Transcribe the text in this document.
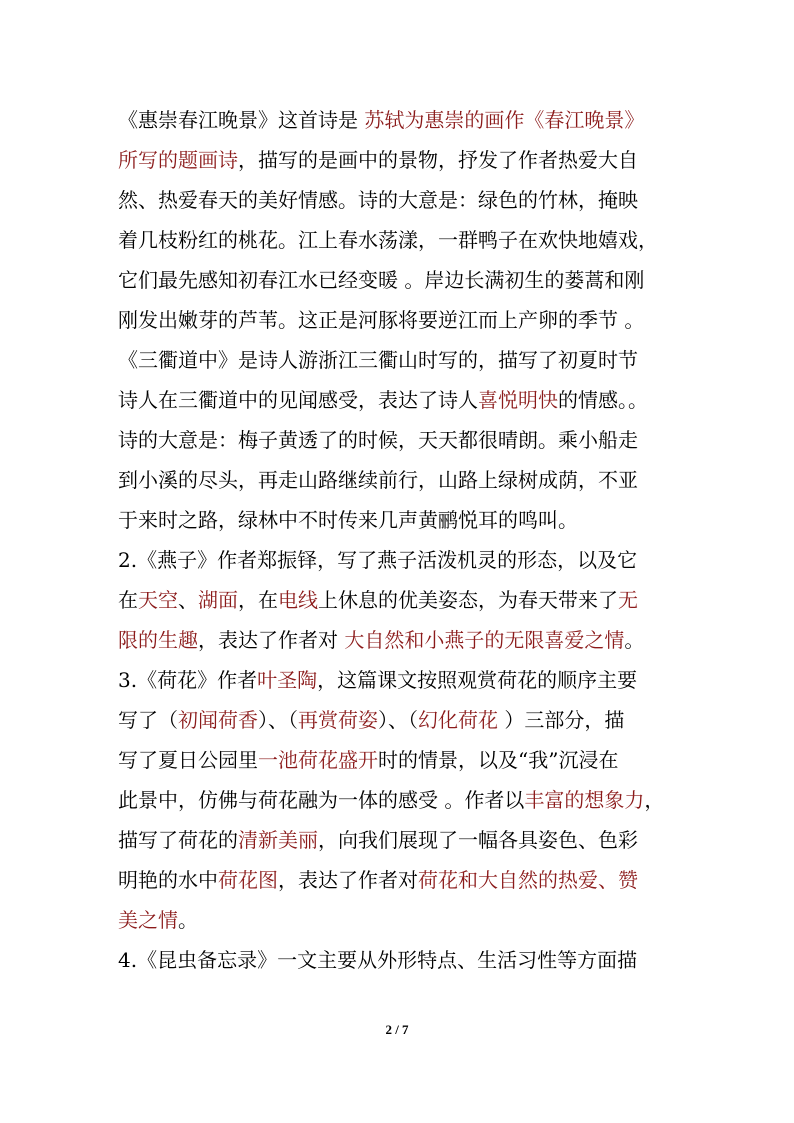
《惠崇春江晚景》这首诗是 苏轼为惠崇的画作《春江晚景》
所写的题画诗，描写的是画中的景物，抒发了作者热爱大自
然、热爱春天的美好情感。诗的大意是：绿色的竹林，掩映
着几枝粉红的桃花。江上春水荡漾，一群鸭子在欢快地嬉戏，
它们最先感知初春江水已经变暖 。岸边长满初生的蒌蒿和刚
刚发出嫩芽的芦苇。这正是河豚将要逆江而上产卵的季节 。
《三衢道中》是诗人游浙江三衢山时写的，描写了初夏时节
诗人在三衢道中的见闻感受，表达了诗人喜悦明快的情感。。
诗的大意是：梅子黄透了的时候，天天都很晴朗。乘小船走
到小溪的尽头，再走山路继续前行，山路上绿树成荫，不亚
于来时之路，绿林中不时传来几声黄鹂悦耳的鸣叫。
2.《燕子》作者郑振铎，写了燕子活泼机灵的形态，以及它
在天空、湖面，在电线上休息的优美姿态，为春天带来了无
限的生趣，表达了作者对 大自然和小燕子的无限喜爱之情。
3.《荷花》作者叶圣陶，这篇课文按照观赏荷花的顺序主要
写了（初闻荷香）、（再赏荷姿）、（幻化荷花 ）三部分，描
写了夏日公园里一池荷花盛开时的情景，以及“我”沉浸在
此景中，仿佛与荷花融为一体的感受 。作者以丰富的想象力，
描写了荷花的清新美丽，向我们展现了一幅各具姿色、色彩
明艳的水中荷花图，表达了作者对荷花和大自然的热爱、赞
美之情。
4.《昆虫备忘录》一文主要从外形特点、生活习性等方面描
2 / 7
